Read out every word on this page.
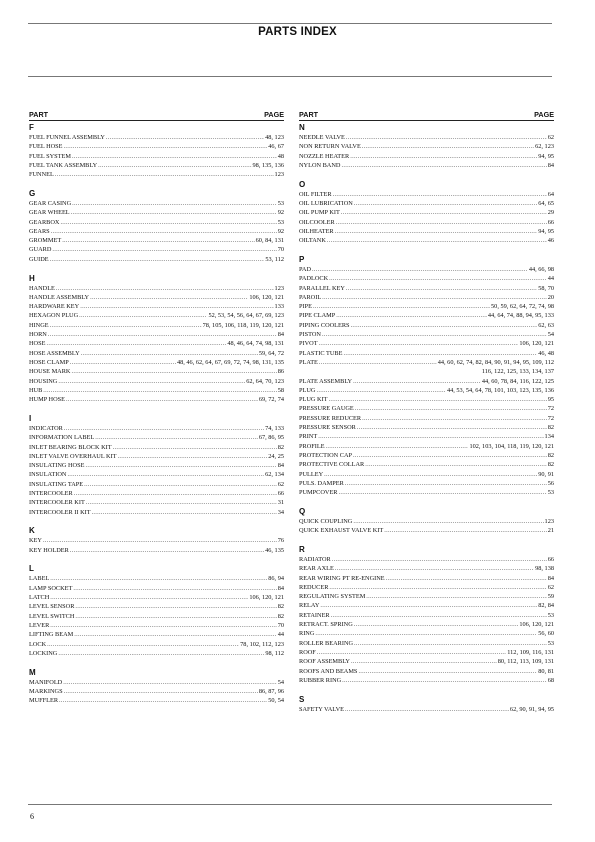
PARTS INDEX
PART	PAGE
F
FUEL FUNNEL ASSEMBLY .....	48, 123
FUEL HOSE .....	46, 67
FUEL SYSTEM .....	48
FUEL TANK ASSEMBLY .....	98, 135, 136
FUNNEL .....	123
G
GEAR CASING .....	53
GEAR WHEEL .....	92
GEARBOX .....	53
GEARS .....	92
GROMMET .....	60, 84, 131
GUARD .....	70
GUIDE .....	53, 112
H
HANDLE .....	123
HANDLE ASSEMBLY .....	106, 120, 121
HARDWARE KEY .....	133
HEXAGON PLUG .....	52, 53, 54, 56, 64, 67, 69, 123
HINGE .....	78, 105, 106, 118, 119, 120, 121
HORN .....	84
HOSE .....	48, 46, 64, 74, 98, 131
HOSE ASSEMBLY .....	59, 64, 72
HOSE CLAMP .....	48, 46, 62, 64, 67, 69, 72, 74, 98, 131, 135
HOUSE MARK .....	86
HOUSING .....	62, 64, 70, 123
HUB .....	58
HUMP HOSE .....	69, 72, 74
I
INDICATOR .....	74, 133
INFORMATION LABEL .....	67, 86, 95
INLET BEARING BLOCK KIT .....	82
INLET VALVE OVERHAUL KIT .....	24, 25
INSULATING HOSE .....	84
INSULATION .....	62, 134
INSULATING TAPE .....	62
INTERCOOLER .....	66
INTERCOOLER KIT .....	31
INTERCOOLER II KIT .....	34
K
KEY .....	76
KEY HOLDER .....	46, 135
L
LABEL .....	86, 94
LAMP SOCKET .....	84
LATCH .....	106, 120, 121
LEVEL SENSOR .....	82
LEVEL SWITCH .....	82
LEVER .....	70
LIFTING BEAM .....	44
LOCK .....	78, 102, 112, 123
LOCKING .....	98, 112
M
MANIFOLD .....	54
MARKINGS .....	86, 87, 96
MUFFLER .....	50, 54
PART	PAGE
N
NEEDLE VALVE .....	62
NON RETURN VALVE .....	62, 123
NOZZLE HEATER .....	94, 95
NYLON BAND .....	84
O
OIL FILTER .....	64
OIL LUBRICATION .....	64, 65
OIL PUMP KIT .....	29
OILCOOLER .....	66
OILHEATER .....	94, 95
OILTANK .....	46
P
PAD .....	44, 66, 98
PADLOCK .....	44
PARALLEL KEY .....	58, 70
PAROIL .....	20
PIPE .....	50, 59, 62, 64, 72, 74, 98
PIPE CLAMP .....	44, 64, 74, 88, 94, 95, 133
PIPING COOLERS .....	62, 63
PISTON .....	54
PIVOT .....	106, 120, 121
PLASTIC TUBE .....	46, 48
PLATE .....	44, 60, 62, 74, 82, 84, 90, 91, 94, 95, 109, 112
116, 122, 125, 133, 134, 137
PLATE ASSEMBLY .....	44, 60, 78, 84, 116, 122, 125
PLUG .....	44, 53, 54, 64, 78, 101, 103, 123, 135, 136
PLUG KIT .....	95
PRESSURE GAUGE .....	72
PRESSURE REDUCER .....	72
PRESSURE SENSOR .....	82
PRINT .....	134
PROFILE .....	102, 103, 104, 118, 119, 120, 121
PROTECTION CAP .....	82
PROTECTIVE COLLAR .....	82
PULLEY .....	90, 91
PULS. DAMPER .....	56
PUMPCOVER .....	53
Q
QUICK COUPLING .....	123
QUICK EXHAUST VALVE KIT .....	21
R
RADIATOR .....	66
REAR AXLE .....	98, 138
REAR WIRING PT RE-ENGINE .....	84
REDUCER .....	62
REGULATING SYSTEM .....	59
RELAY .....	82, 84
RETAINER .....	53
RETRACT. SPRING .....	106, 120, 121
RING .....	56, 60
ROLLER BEARING .....	53
ROOF .....	112, 109, 116, 131
ROOF ASSEMBLY .....	80, 112, 113, 109, 131
ROOFS AND BEAMS .....	80, 81
RUBBER RING .....	68
S
SAFETY VALVE .....	62, 90, 91, 94, 95
6
